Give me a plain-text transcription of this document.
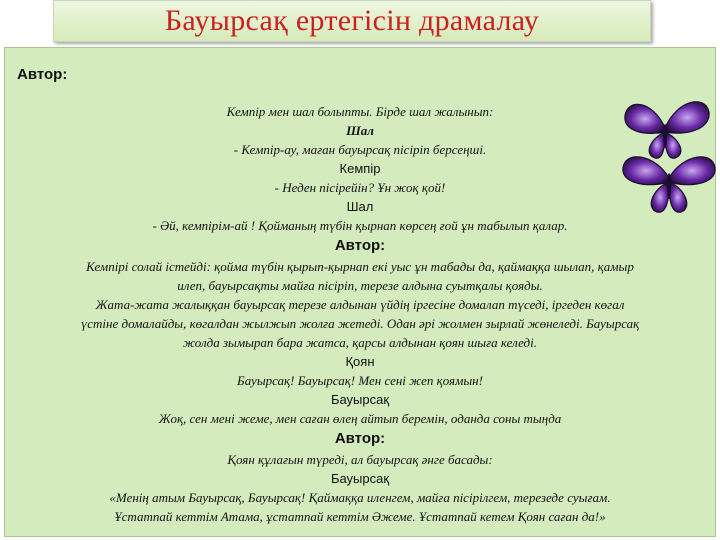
Бауырсақ ертегісін драмалау
Автор:
Кемпір мен шал болыпты. Бірде шал жалынып:
Шал
- Кемпір-ау, маған бауырсақ пісіріп берсеңші.
Кемпір
- Неден пісірейін? Ұн жоқ қой!
Шал
- Әй, кемпірім-ай ! Қойманың түбін қырнап көрсең ғой ұн табылып қалар.
Автор:
Кемпірі солай істейді: қойма түбін қырып-қырнап екі уыс ұн табады да, қаймаққа шылап, қамыр
илеп, бауырсақты майға пісіріп, терезе алдына суытқалы қояды.
Жата-жата жалыққан бауырсақ терезе алдынан үйдің іргесіне домалап түседі, іргеден көгал
үстіне домалайды, көгалдан жылжып жолға жетеді. Одан әрі жолмен зырлай жөнеледі. Бауырсақ
жолда зымырап бара жатса, қарсы алдынан қоян шыға келеді.
Қоян
Бауырсақ! Бауырсақ! Мен сені жеп қоямын!
Бауырсақ
Жоқ, сен мені жеме, мен саған өлең айтып беремін, оданда соны тыңда
Автор:
Қоян құлағын түреді, ал бауырсақ әнге басады:
Бауырсақ
«Менің атым Бауырсақ, Бауырсақ! Қаймаққа иленгем, майға пісірілгем, терезеде суығам.
Ұстатпай кеттім Атама, ұстатпай кеттім Әжеме. Ұстатпай кетем Қоян саған да!»
